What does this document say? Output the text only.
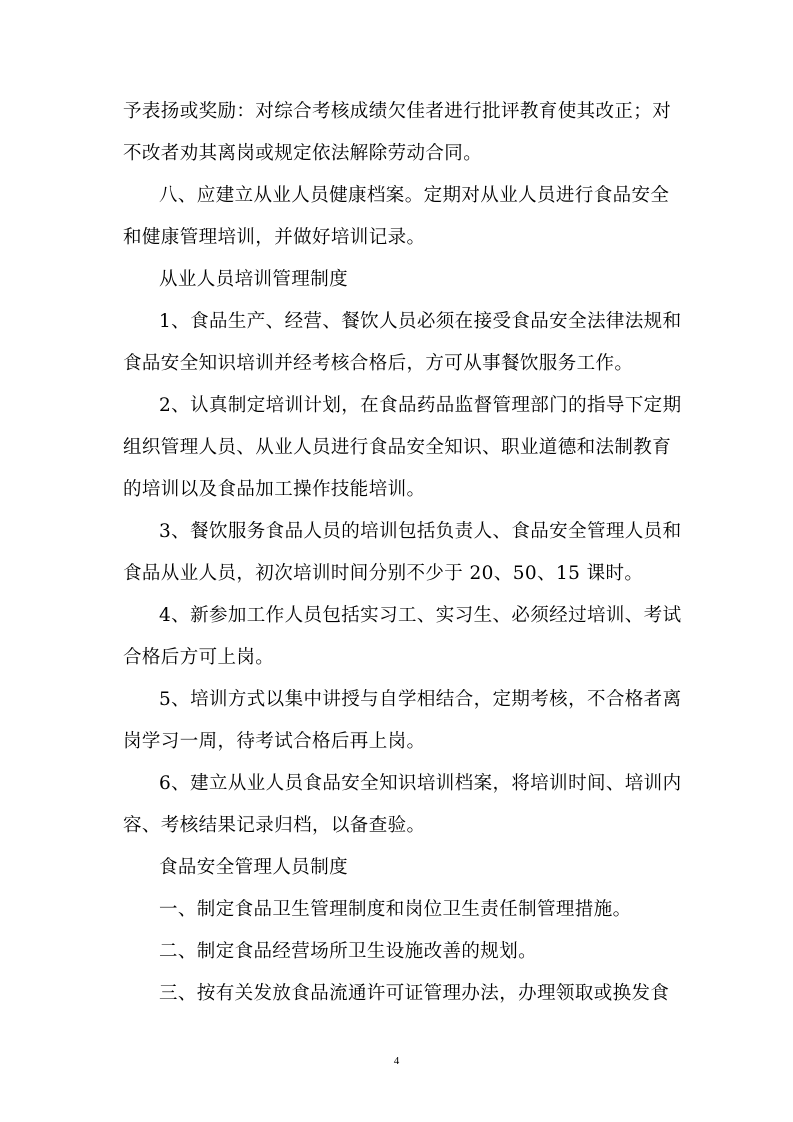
予表扬或奖励：对综合考核成绩欠佳者进行批评教育使其改正；对
不改者劝其离岗或规定依法解除劳动合同。
八、应建立从业人员健康档案。定期对从业人员进行食品安全
和健康管理培训，并做好培训记录。
从业人员培训管理制度
1、食品生产、经营、餐饮人员必须在接受食品安全法律法规和
食品安全知识培训并经考核合格后，方可从事餐饮服务工作。
2、认真制定培训计划，在食品药品监督管理部门的指导下定期
组织管理人员、从业人员进行食品安全知识、职业道德和法制教育
的培训以及食品加工操作技能培训。
3、餐饮服务食品人员的培训包括负责人、食品安全管理人员和
食品从业人员，初次培训时间分别不少于 20、50、15 课时。
4、新参加工作人员包括实习工、实习生、必须经过培训、考试
合格后方可上岗。
5、培训方式以集中讲授与自学相结合，定期考核，不合格者离
岗学习一周，待考试合格后再上岗。
6、建立从业人员食品安全知识培训档案，将培训时间、培训内
容、考核结果记录归档，以备查验。
食品安全管理人员制度
一、制定食品卫生管理制度和岗位卫生责任制管理措施。
二、制定食品经营场所卫生设施改善的规划。
三、按有关发放食品流通许可证管理办法，办理领取或换发食
4
